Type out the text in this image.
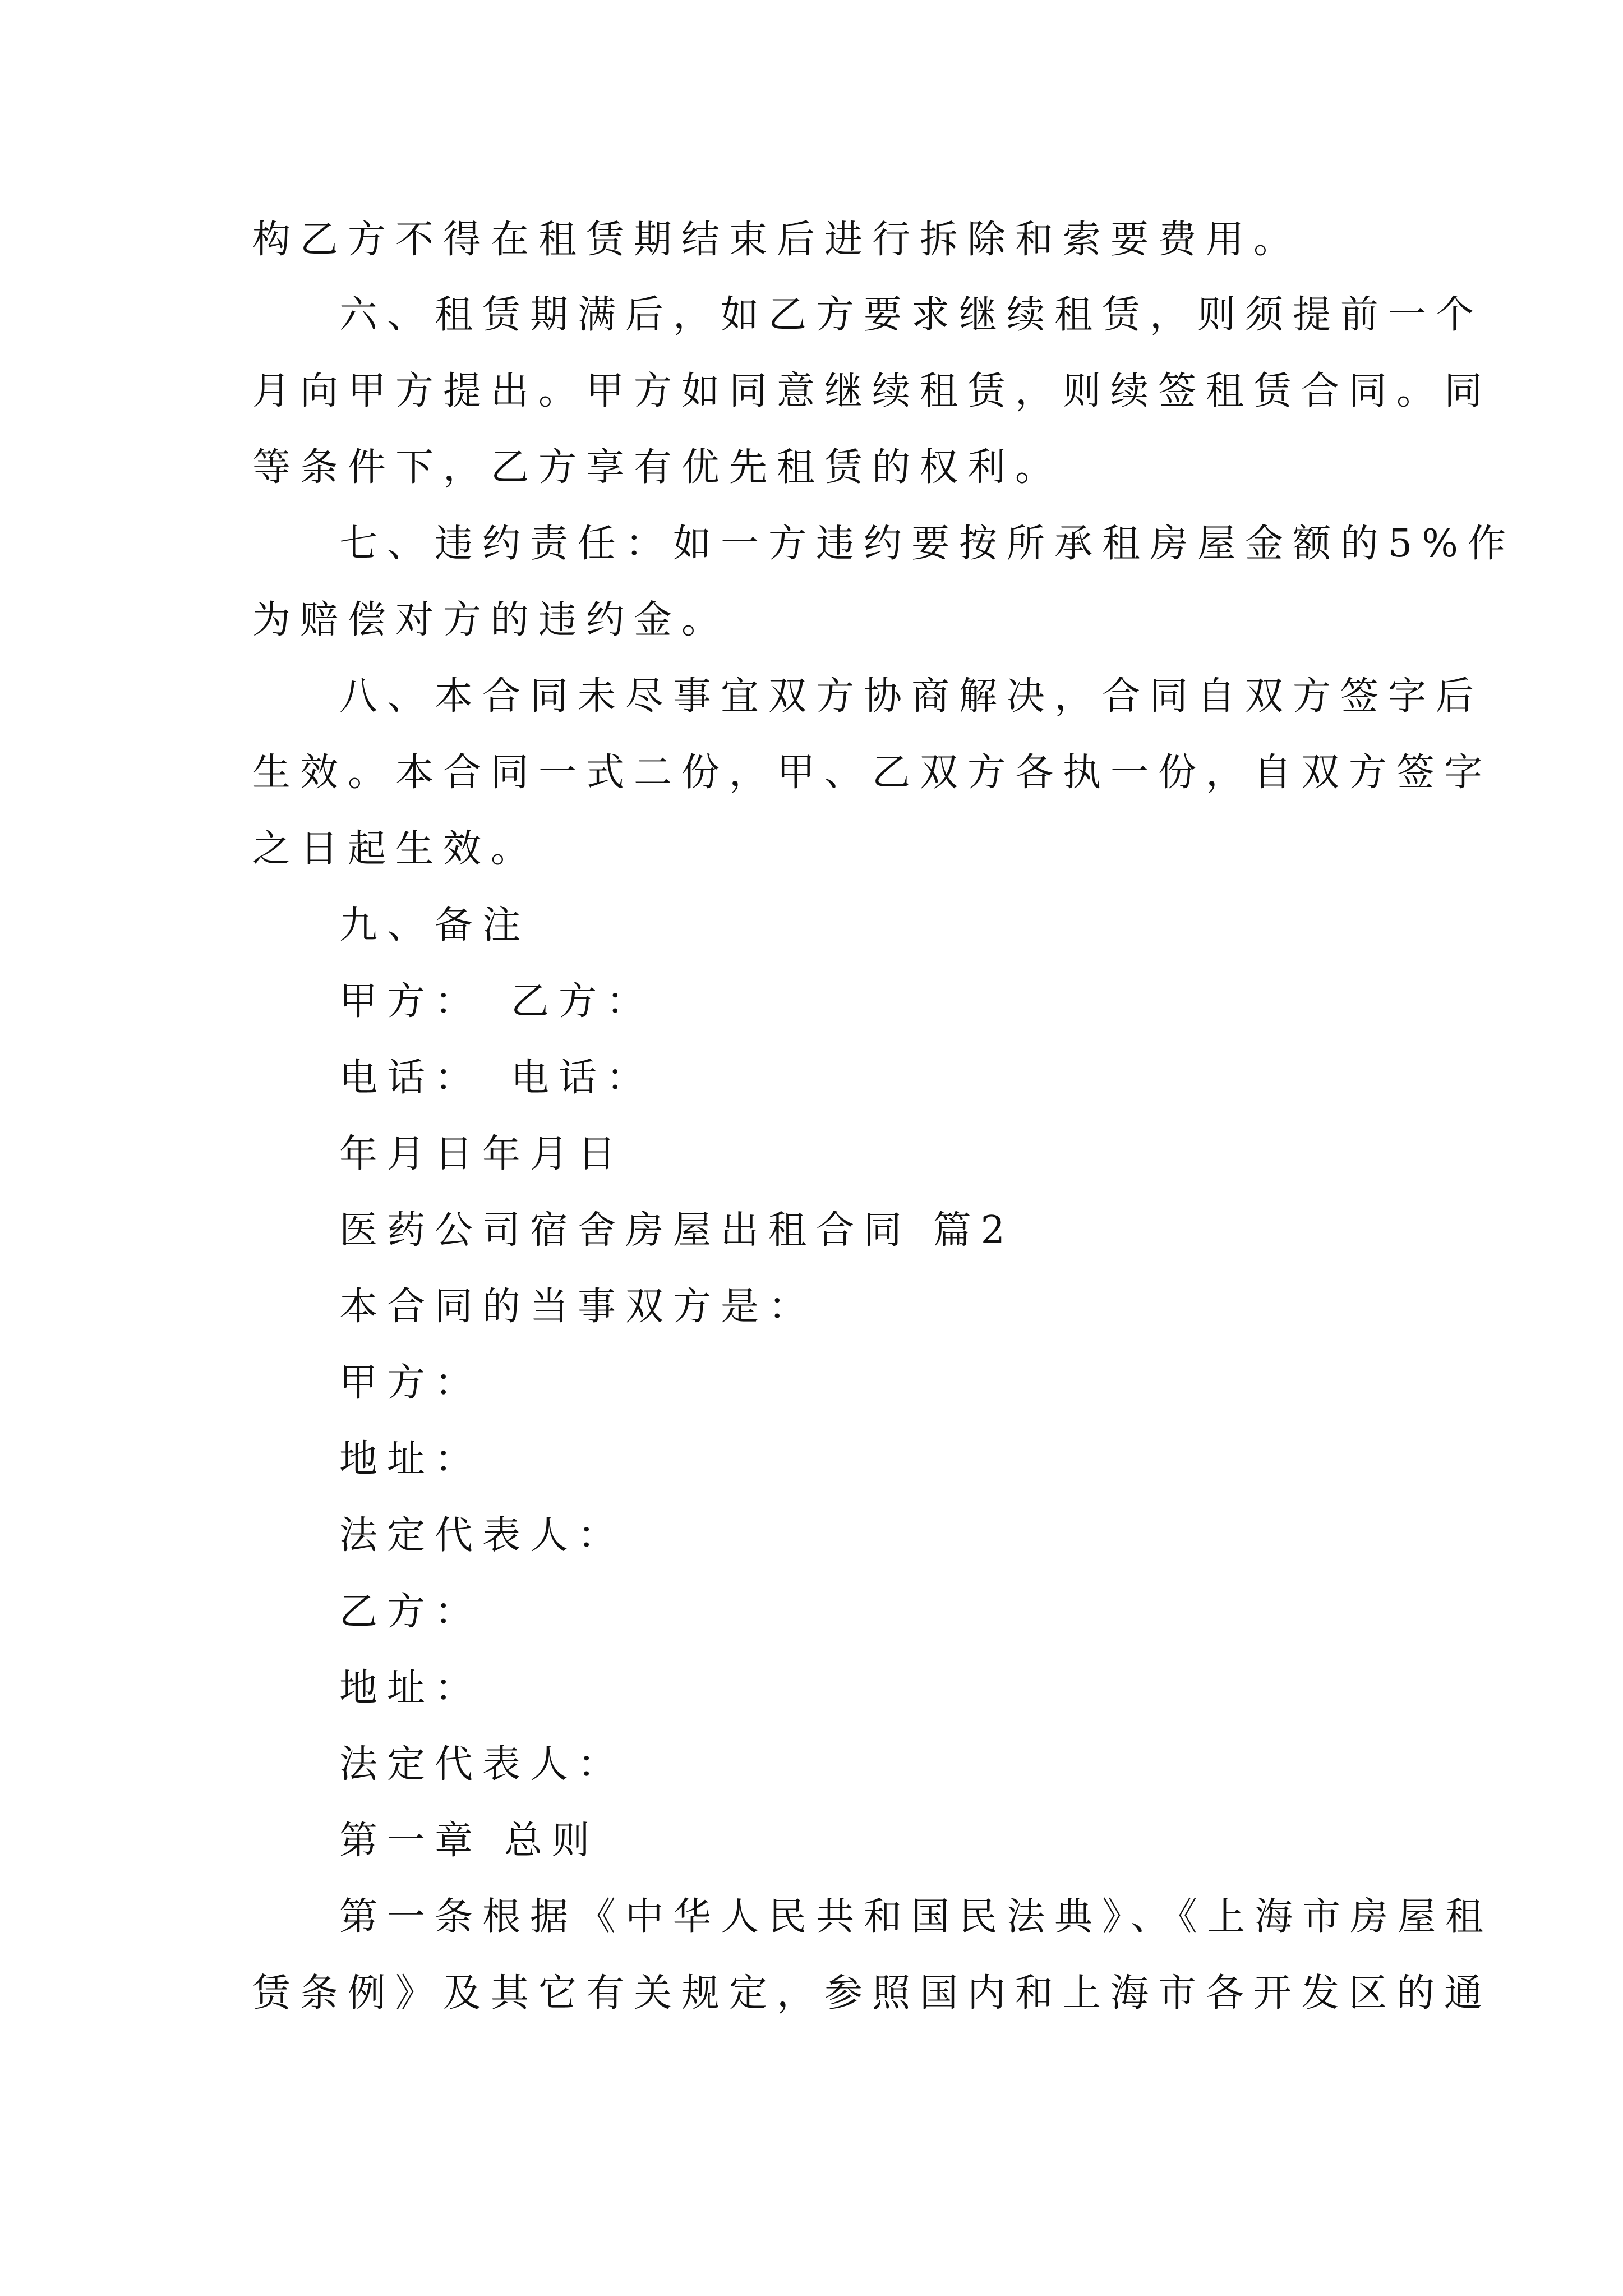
构乙方不得在租赁期结束后进行拆除和索要费用。

六、租赁期满后，如乙方要求继续租赁，则须提前一个

月向甲方提出。甲方如同意继续租赁，则续签租赁合同。同

等条件下，乙方享有优先租赁的权利。

七、违约责任：如一方违约要按所承租房屋金额的5%作

为赔偿对方的违约金。

八、本合同未尽事宜双方协商解决，合同自双方签字后

生效。本合同一式二份，甲、乙双方各执一份，自双方签字

之日起生效。

九、备注

甲方：　乙方：

电话：　电话：

年月日年月日

医药公司宿舍房屋出租合同 篇2

本合同的当事双方是：

甲方：

地址：

法定代表人：

乙方：

地址：

法定代表人：

第一章 总则

第一条根据《中华人民共和国民法典》、《上海市房屋租

赁条例》及其它有关规定，参照国内和上海市各开发区的通
